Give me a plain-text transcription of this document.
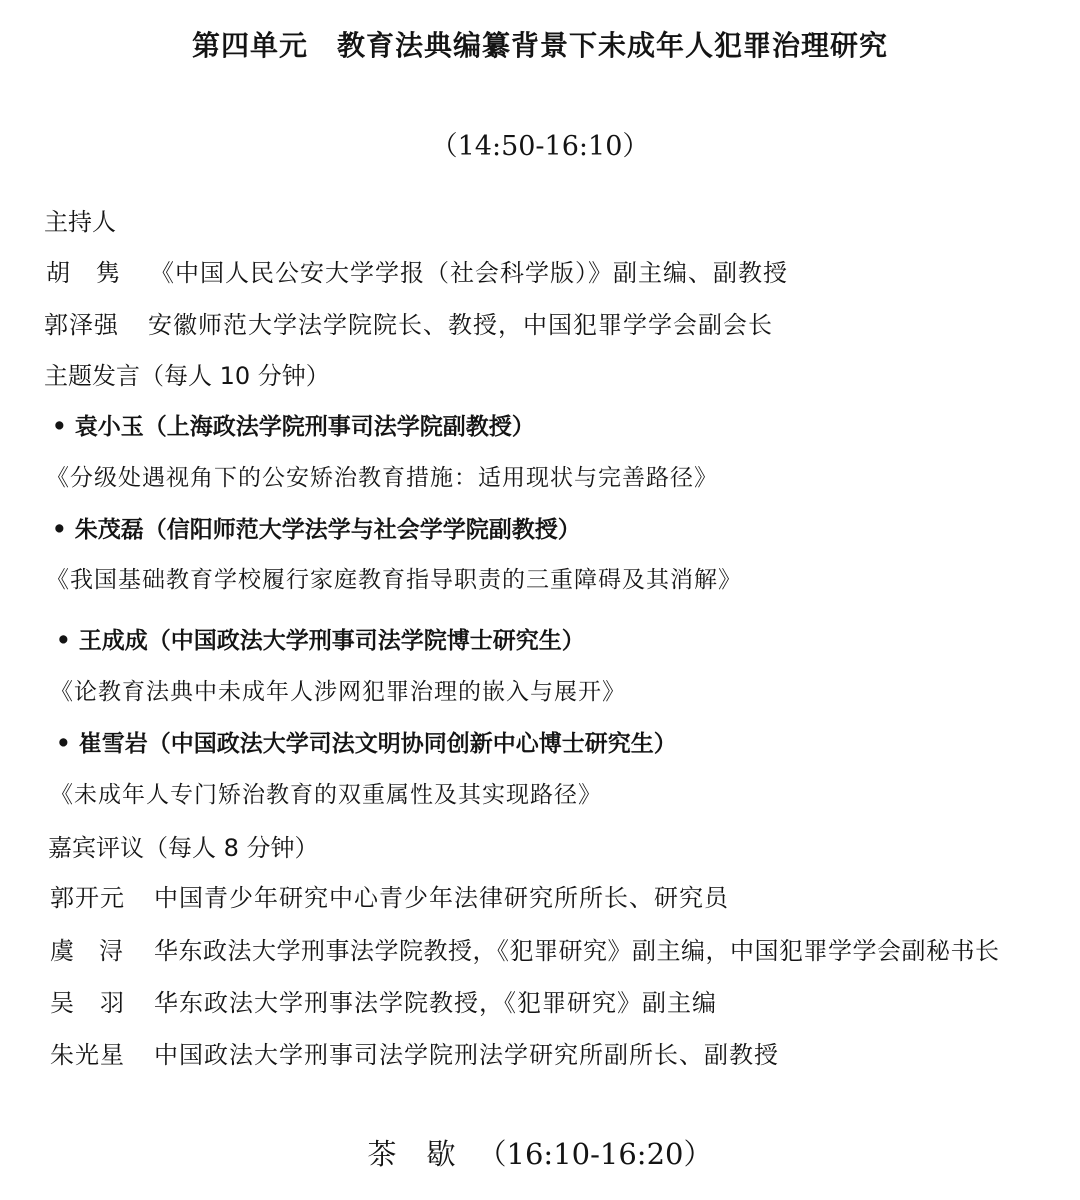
第四单元　教育法典编纂背景下未成年人犯罪治理研究
（14:50-16:10）
主持人
胡　隽 《中国人民公安大学学报（社会科学版）》副主编、副教授
郭泽强 安徽师范大学法学院院长、教授，中国犯罪学学会副会长
主题发言（每人 10 分钟）
• 袁小玉（上海政法学院刑事司法学院副教授）
《分级处遇视角下的公安矫治教育措施：适用现状与完善路径》
• 朱茂磊（信阳师范大学法学与社会学学院副教授）
《我国基础教育学校履行家庭教育指导职责的三重障碍及其消解》
• 王成成（中国政法大学刑事司法学院博士研究生）
《论教育法典中未成年人涉网犯罪治理的嵌入与展开》
• 崔雪岩（中国政法大学司法文明协同创新中心博士研究生）
《未成年人专门矫治教育的双重属性及其实现路径》
嘉宾评议（每人 8 分钟）
郭开元 中国青少年研究中心青少年法律研究所所长、研究员
虞　浔 华东政法大学刑事法学院教授，《犯罪研究》副主编，中国犯罪学学会副秘书长
吴　羽 华东政法大学刑事法学院教授，《犯罪研究》副主编
朱光星 中国政法大学刑事司法学院刑法学研究所副所长、副教授
茶歇（16:10-16:20）
